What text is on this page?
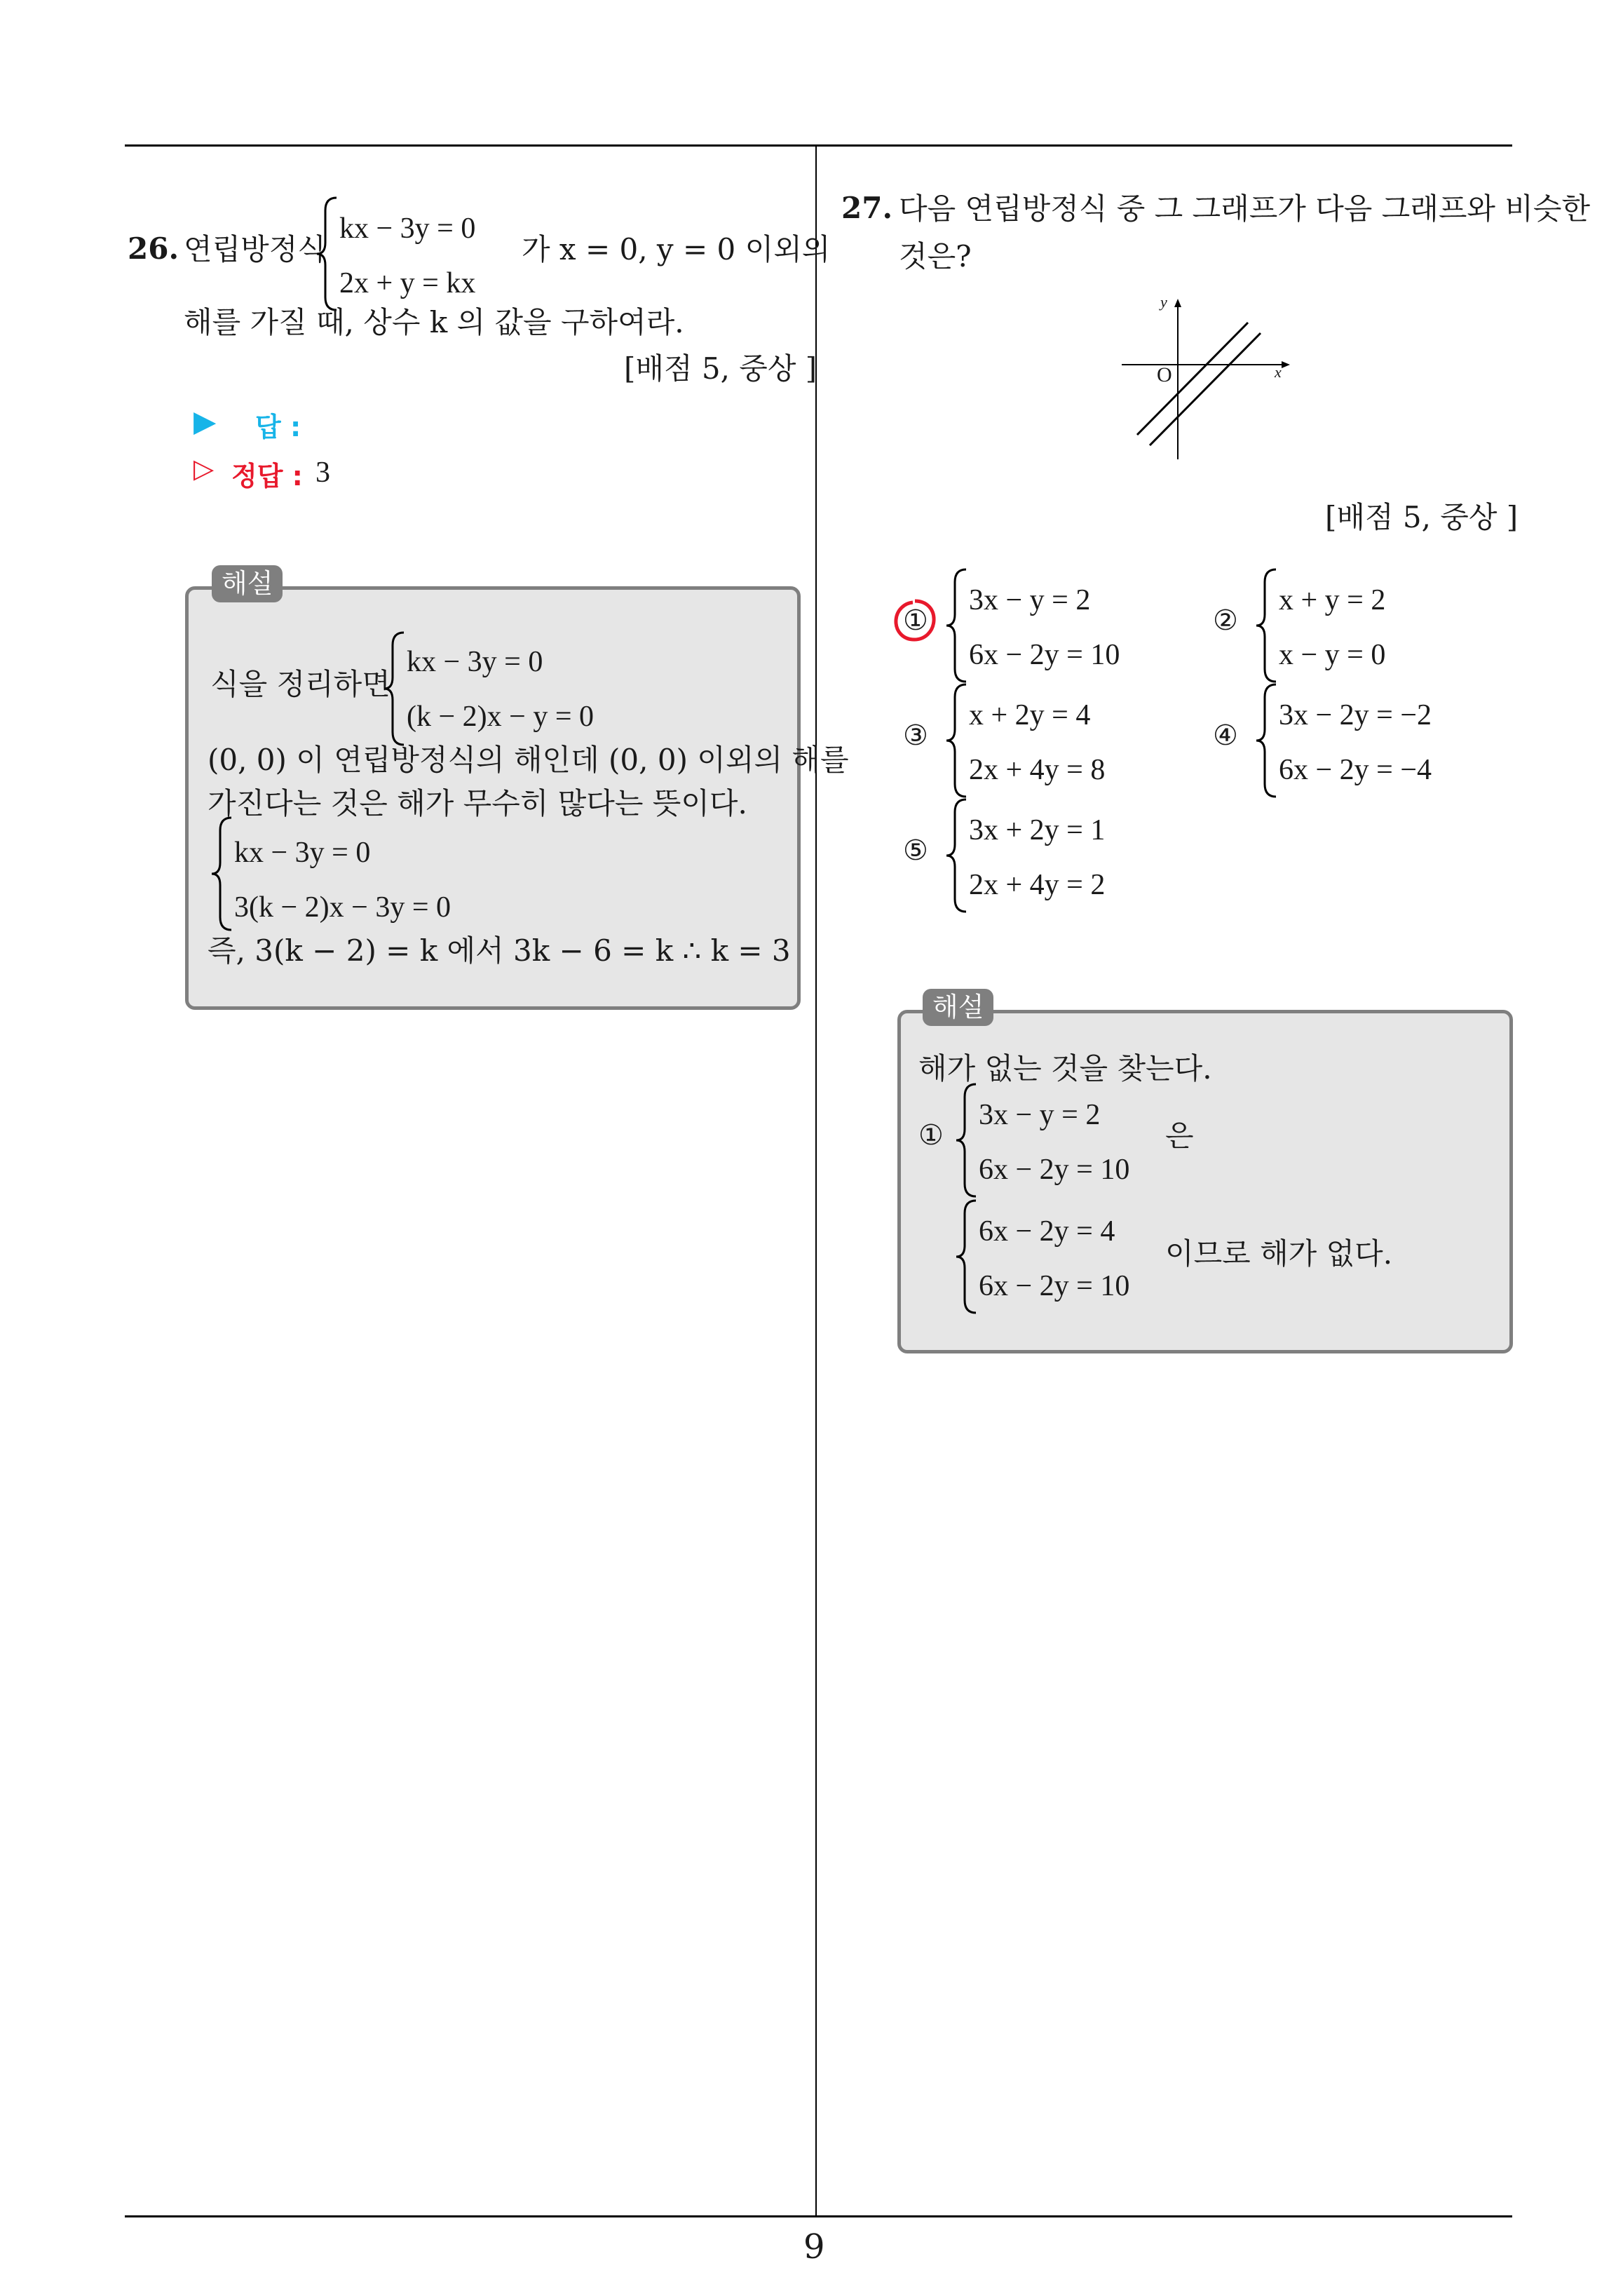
26. 연립방정식
kx − 3y = 0
2x + y = kx
가 x = 0, y = 0 이외의
해를 가질 때, 상수 k 의 값을 구하여라.
[배점 5, 중상 ]
▶ 답 :
▷ 정답 : 3
해설
식을 정리하면
kx − 3y = 0
(k − 2)x − y = 0
(0, 0) 이 연립방정식의 해인데 (0, 0) 이외의 해를
가진다는 것은 해가 무수히 많다는 뜻이다.
kx − 3y = 0
3(k − 2)x − 3y = 0
즉, 3(k − 2) = k 에서 3k − 6 = k ∴ k = 3
27. 다음 연립방정식 중 그 그래프가 다음 그래프와 비슷한
것은?
y
x
O
[배점 5, 중상 ]
①
3x − y = 2
6x − 2y = 10
②
x + y = 2
x − y = 0
③
x + 2y = 4
2x + 4y = 8
④
3x − 2y = −2
6x − 2y = −4
⑤
3x + 2y = 1
2x + 4y = 2
해설
해가 없는 것을 찾는다.
①
3x − y = 2
6x − 2y = 10
은
6x − 2y = 4
6x − 2y = 10
이므로 해가 없다.
9
